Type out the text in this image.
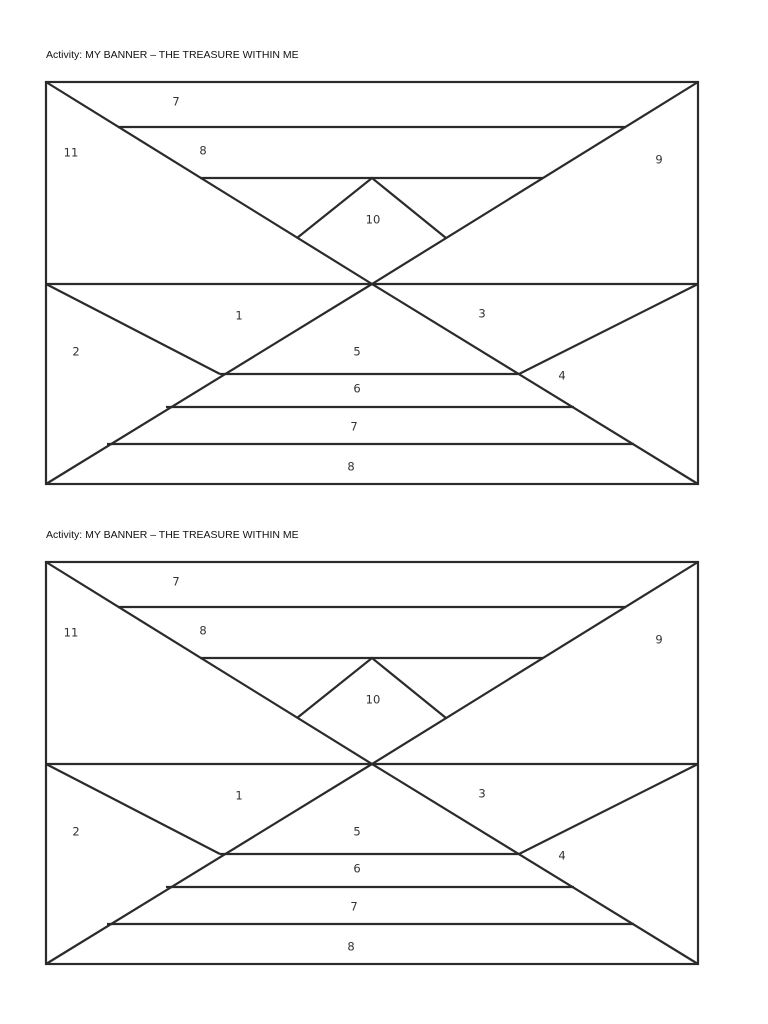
Activity: MY BANNER – THE TREASURE WITHIN ME
7
8
11	9
10
1	3
2
4
5
6
7
8
Activity: MY BANNER – THE TREASURE WITHIN ME
7
8
11	9
10
1	3
2
4
5
6
7
8
